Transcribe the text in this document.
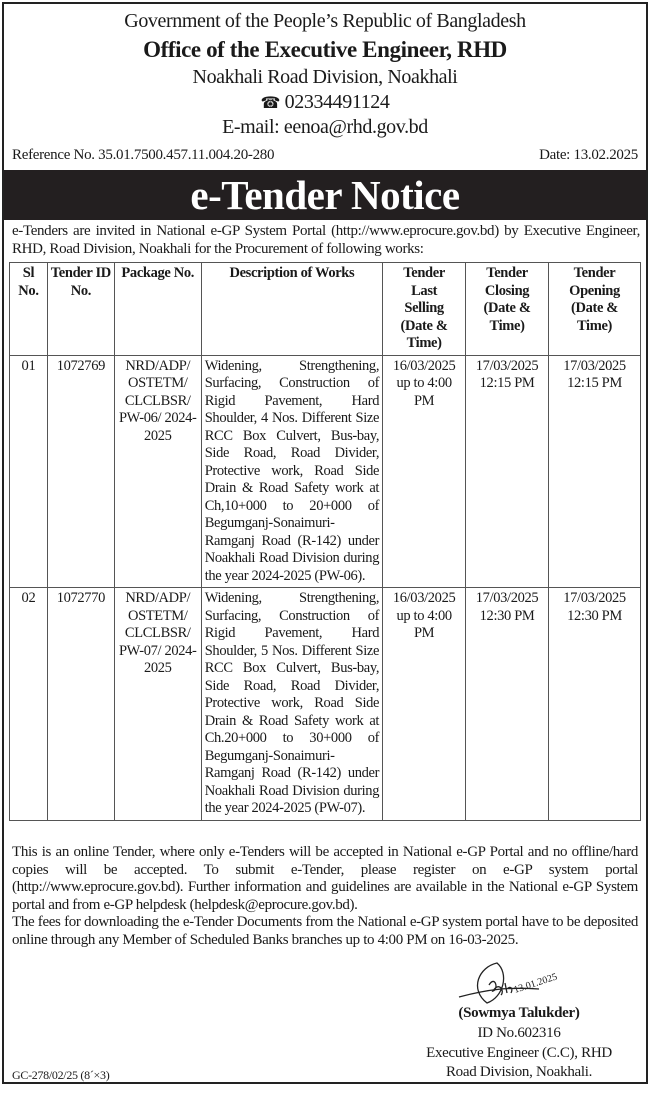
Government of the People’s Republic of Bangladesh
Office of the Executive Engineer, RHD
Noakhali Road Division, Noakhali
☎ 02334491124
E-mail: eenoa@rhd.gov.bd
Reference No. 35.01.7500.457.11.004.20-280	Date: 13.02.2025
e-Tender Notice
e-Tenders are invited in National e-GP System Portal (http://www.eprocure.gov.bd) by Executive Engineer, RHD, Road Division, Noakhali for the Procurement of following works:
Sl No.	Tender ID No.	Package No.	Description of Works	Tender Last Selling (Date & Time)	Tender Closing (Date & Time)	Tender Opening (Date & Time)
01	1072769	NRD/ADP/ OSTETM/ CLCLBSR/ PW-06/ 2024-2025	Widening, Strengthening, Surfacing, Construction of Rigid Pavement, Hard Shoulder, 4 Nos. Different Size RCC Box Culvert, Bus-bay, Side Road, Road Divider, Protective work, Road Side Drain & Road Safety work at Ch,10+000 to 20+000 of Begumganj-Sonaimuri-Ramganj Road (R-142) under Noakhali Road Division during the year 2024-2025 (PW-06).	16/03/2025 up to 4:00 PM	17/03/2025 12:15 PM	17/03/2025 12:15 PM
02	1072770	NRD/ADP/ OSTETM/ CLCLBSR/ PW-07/ 2024-2025	Widening, Strengthening, Surfacing, Construction of Rigid Pavement, Hard Shoulder, 5 Nos. Different Size RCC Box Culvert, Bus-bay, Side Road, Road Divider, Protective work, Road Side Drain & Road Safety work at Ch.20+000 to 30+000 of Begumganj-Sonaimuri-Ramganj Road (R-142) under Noakhali Road Division during the year 2024-2025 (PW-07).	16/03/2025 up to 4:00 PM	17/03/2025 12:30 PM	17/03/2025 12:30 PM
This is an online Tender, where only e-Tenders will be accepted in National e-GP Portal and no offline/hard copies will be accepted. To submit e-Tender, please register on e-GP system portal (http://www.eprocure.gov.bd). Further information and guidelines are available in the National e-GP System portal and from e-GP helpdesk (helpdesk@eprocure.gov.bd).
The fees for downloading the e-Tender Documents from the National e-GP system portal have to be deposited online through any Member of Scheduled Banks branches up to 4:00 PM on 16-03-2025.
13.01.2025
(Sowmya Talukder)
ID No.602316
Executive Engineer (C.C), RHD
Road Division, Noakhali.
GC-278/02/25 (8´×3)
